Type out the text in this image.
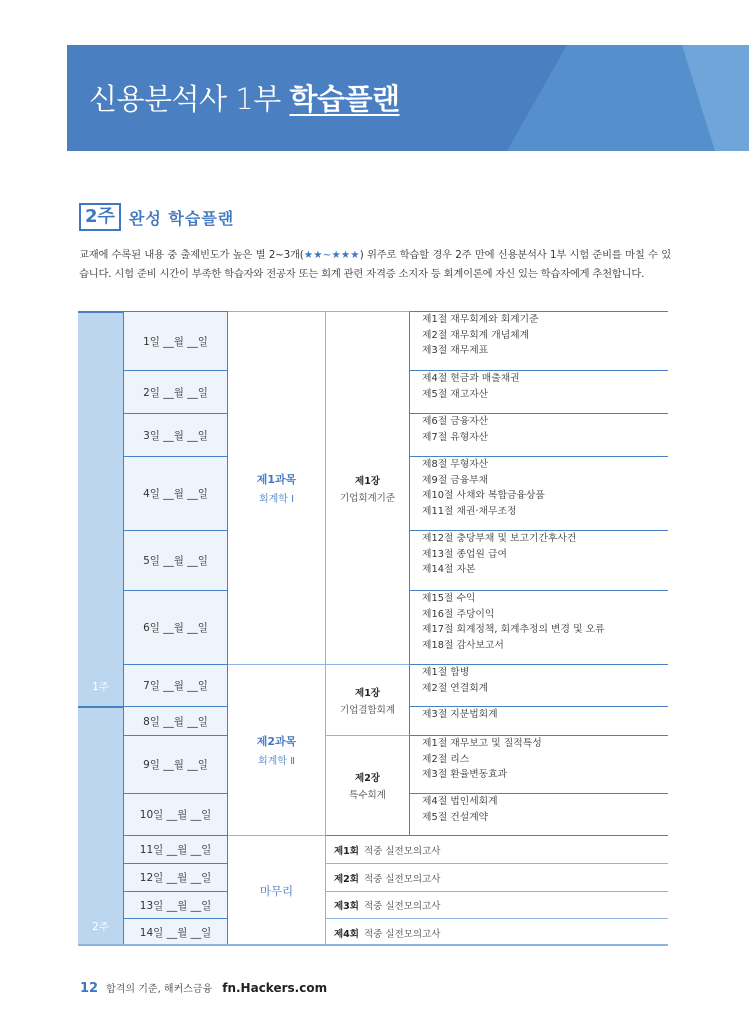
신용분석사 1부 학습플랜
2주 완성 학습플랜

교재에 수록된 내용 중 출제빈도가 높은 별 2~3개(★★~★★★) 위주로 학습할 경우 2주 만에 신용분석사 1부 시험 준비를 마칠 수 있습니다. 시험 준비 시간이 부족한 학습자와 전공자 또는 회계 관련 자격증 소지자 등 회계이론에 자신 있는 학습자에게 추천합니다.

1주
2주
1일 __월 __일
2일 __월 __일
3일 __월 __일
4일 __월 __일
5일 __월 __일
6일 __월 __일
7일 __월 __일
8일 __월 __일
9일 __월 __일
10일 __월 __일
11일 __월 __일
12일 __월 __일
13일 __월 __일
14일 __월 __일
제1과목
회계학 Ⅰ
제2과목
회계학 Ⅱ
마무리
제1장
기업회계기준
제1장
기업결합회계
제2장
특수회계
제1절 재무회계와 회계기준
제2절 재무회계 개념체계
제3절 재무제표
제4절 현금과 매출채권
제5절 재고자산
제6절 금융자산
제7절 유형자산
제8절 무형자산
제9절 금융부채
제10절 사채와 복합금융상품
제11절 채권·채무조정
제12절 충당부채 및 보고기간후사건
제13절 종업원 급여
제14절 자본
제15절 수익
제16절 주당이익
제17절 회계정책, 회계추정의 변경 및 오류
제18절 감사보고서
제1절 합병
제2절 연결회계
제3절 지분법회계
제1절 재무보고 및 질적특성
제2절 리스
제3절 환율변동효과
제4절 법인세회계
제5절 건설계약
제1회 적중 실전모의고사
제2회 적중 실전모의고사
제3회 적중 실전모의고사
제4회 적중 실전모의고사
12 합격의 기준, 해커스금융 fn.Hackers.com
